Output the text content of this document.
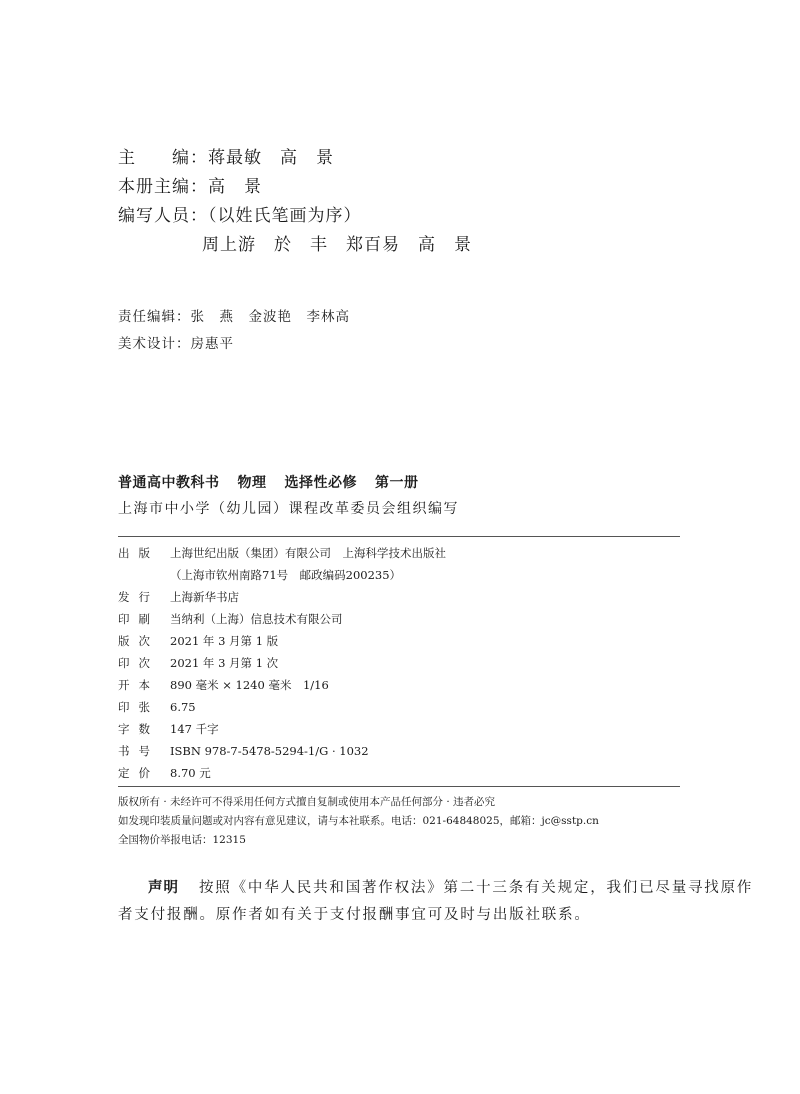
主　　编：蒋最敏　高　景
本册主编：高　景
编写人员：（以姓氏笔画为序）
周上游　於　丰　郑百易　高　景
责任编辑：张　燕　金波艳　李林高
美术设计：房惠平
普通高中教科书 物理 选择性必修 第一册
上海市中小学（幼儿园）课程改革委员会组织编写
出版 上海世纪出版（集团）有限公司　上海科学技术出版社
（上海市钦州南路71号　邮政编码200235）
发行 上海新华书店
印刷 当纳利（上海）信息技术有限公司
版次 2021 年 3 月第 1 版
印次 2021 年 3 月第 1 次
开本 890 毫米 × 1240 毫米　1/16
印张 6.75
字数 147 千字
书号 ISBN 978-7-5478-5294-1/G · 1032
定价 8.70 元
版权所有 · 未经许可不得采用任何方式擅自复制或使用本产品任何部分 · 违者必究
如发现印装质量问题或对内容有意见建议，请与本社联系。电话：021-64848025，邮箱：jc@sstp.cn
全国物价举报电话：12315
声明 按照《中华人民共和国著作权法》第二十三条有关规定，我们已尽量寻找原作
者支付报酬。原作者如有关于支付报酬事宜可及时与出版社联系。
